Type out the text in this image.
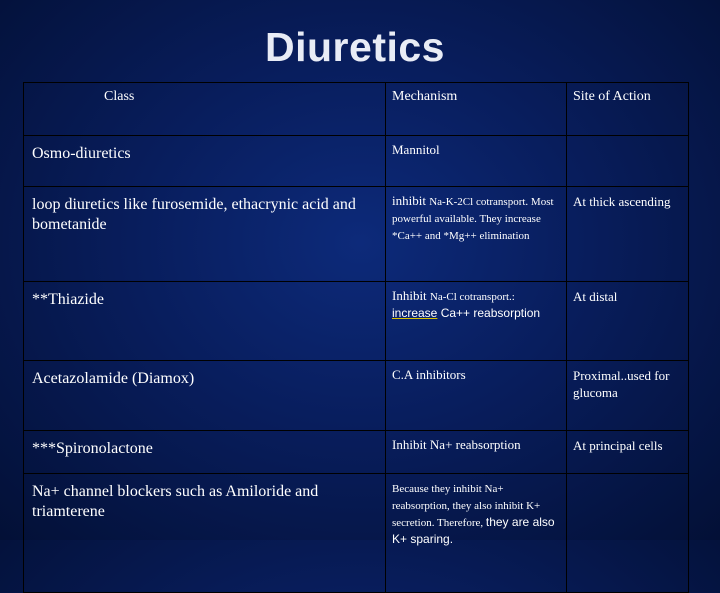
Diuretics
Class	Mechanism	Site of Action

Osmo-diuretics	Mannitol	
loop diuretics like furosemide, ethacrynic acid and bometanide	inhibit Na-K-2Cl cotransport. Most powerful available. They increase *Ca++ and *Mg++ elimination	At thick ascending
**Thiazide	Inhibit Na-Cl cotransport.: increase Ca++ reabsorption	At distal
Acetazolamide (Diamox)	C.A inhibitors	Proximal..used for glucoma
***Spironolactone	Inhibit Na+ reabsorption	At principal cells
Na+ channel blockers such as Amiloride and triamterene	Because they inhibit Na+ reabsorption, they also inhibit K+ secretion. Therefore, they are also K+ sparing.	
